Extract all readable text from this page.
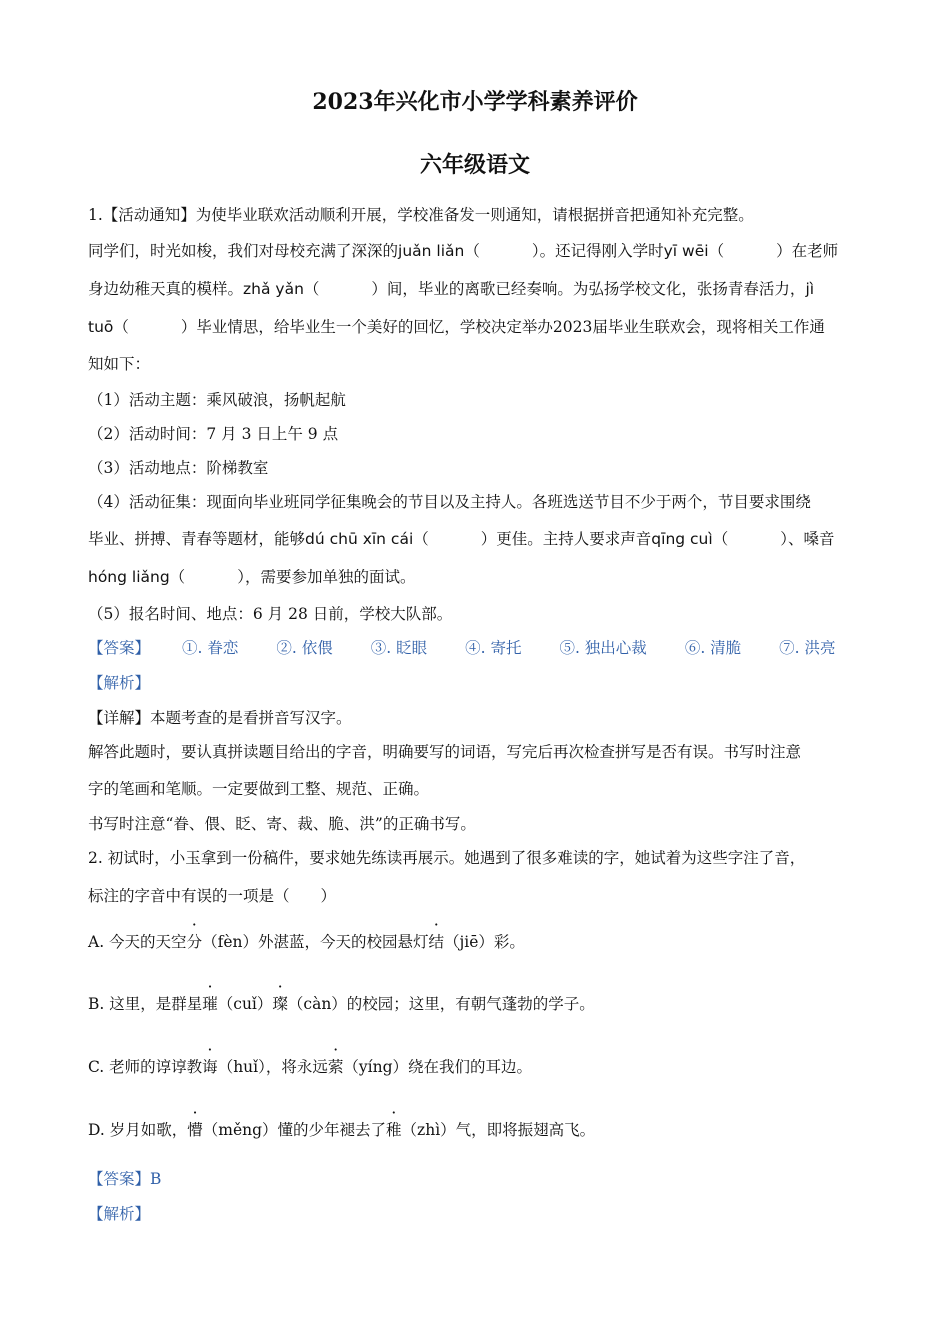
2023年兴化市小学学科素养评价
六年级语文
1.【活动通知】为使毕业联欢活动顺利开展，学校准备发一则通知，请根据拼音把通知补充完整。
同学们，时光如梭，我们对母校充满了深深的juǎn liǎn（	）。还记得刚入学时yī wēi（	）在老师
身边幼稚天真的模样。zhǎ yǎn（	）间，毕业的离歌已经奏响。为弘扬学校文化，张扬青春活力，jì
tuō（	）毕业情思，给毕业生一个美好的回忆，学校决定举办2023届毕业生联欢会，现将相关工作通
知如下：
（1）活动主题：乘风破浪，扬帆起航
（2）活动时间：7 月 3 日上午 9 点
（3）活动地点：阶梯教室
（4）活动征集：现面向毕业班同学征集晚会的节目以及主持人。各班选送节目不少于两个，节目要求围绕
毕业、拼搏、青春等题材，能够dú chū xīn cái（	）更佳。主持人要求声音qīng cuì（	）、嗓音
hóng liǎng（	），需要参加单独的面试。
（5）报名时间、地点：6 月 28 日前，学校大队部。
【答案】 ①. 眷恋 ②. 依偎 ③. 眨眼 ④. 寄托 ⑤. 独出心裁 ⑥. 清脆 ⑦. 洪亮
【解析】
【详解】本题考查的是看拼音写汉字。
解答此题时，要认真拼读题目给出的字音，明确要写的词语，写完后再次检查拼写是否有误。书写时注意
字的笔画和笔顺。一定要做到工整、规范、正确。
书写时注意“眷、偎、眨、寄、裁、脆、洪”的正确书写。
2. 初试时，小玉拿到一份稿件，要求她先练读再展示。她遇到了很多难读的字，她试着为这些字注了音，
标注的字音中有误的一项是（　　）
A. 今天的天空分（fèn）外湛蓝，今天的校园悬灯结（jiē）彩。
B. 这里，是群星璀（cuǐ）璨（càn）的校园；这里，有朝气蓬勃的学子。
C. 老师的谆谆教诲（huǐ），将永远萦（yíng）绕在我们的耳边。
D. 岁月如歌，懵（měng）懂的少年褪去了稚（zhì）气，即将振翅高飞。
【答案】B
【解析】
